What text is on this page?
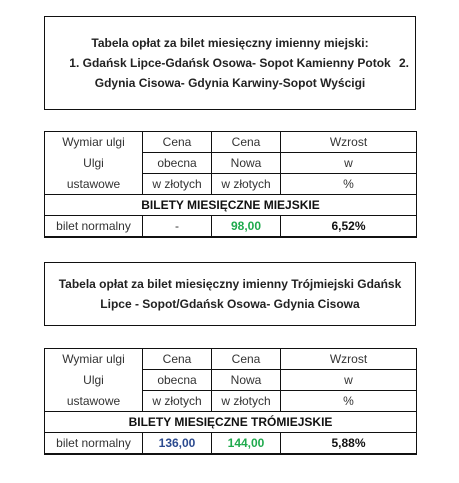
Tabela opłat za bilet miesięczny imienny miejski:
1. Gdańsk Lipce-Gdańsk Osowa- Sopot Kamienny Potok 2.
Gdynia Cisowa- Gdynia Karwiny-Sopot Wyścigi
Wymiar ulgi	Cena	Cena	Wzrost
Ulgi	obecna	Nowa	w
ustawowe	w złotych	w złotych	%
BILETY MIESIĘCZNE MIEJSKIE			
bilet normalny	-	98,00	6,52%
Tabela opłat za bilet miesięczny imienny Trójmiejski Gdańsk Lipce - Sopot/Gdańsk Osowa- Gdynia Cisowa
Wymiar ulgi	Cena	Cena	Wzrost
Ulgi	obecna	Nowa	w
ustawowe	w złotych	w złotych	%
BILETY MIESIĘCZNE TRÓMIEJSKIE			
bilet normalny	136,00	144,00	5,88%
